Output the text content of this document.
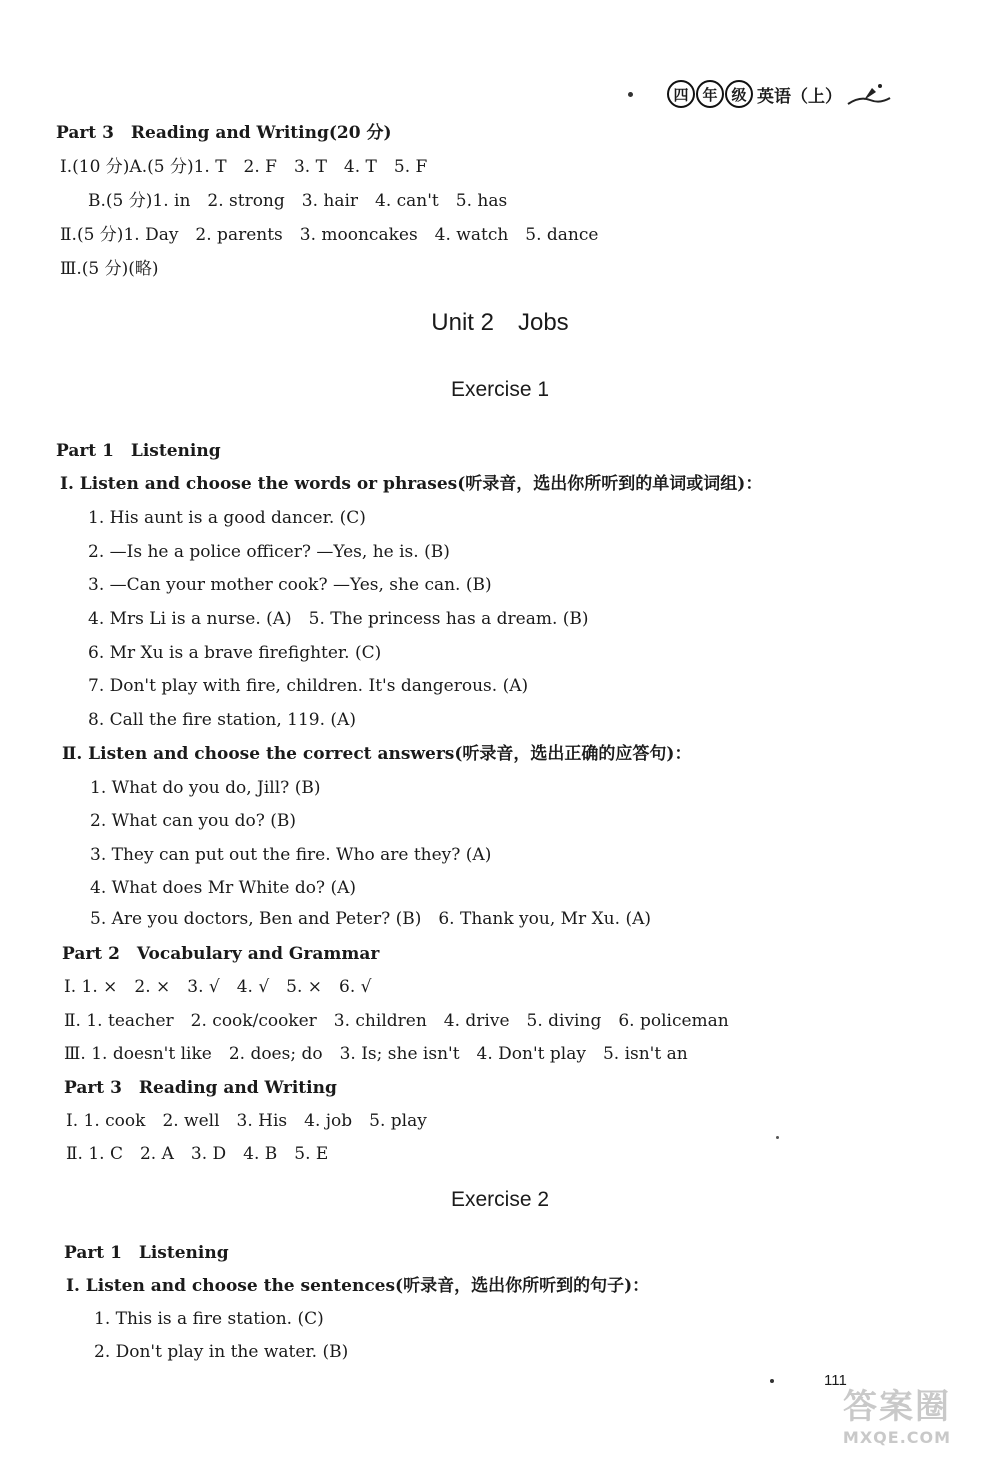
四 年 级 英语（上）
Part 3　Reading and Writing(20 分)
Ⅰ.(10 分)A.(5 分)1. T　2. F　3. T　4. T　5. F
B.(5 分)1. in　2. strong　3. hair　4. can't　5. has
Ⅱ.(5 分)1. Day　2. parents　3. mooncakes　4. watch　5. dance
Ⅲ.(5 分)(略)
Unit 2　Jobs
Exercise 1
Part 1　Listening
Ⅰ. Listen and choose the words or phrases(听录音，选出你所听到的单词或词组)：
1. His aunt is a good dancer. (C)
2. —Is he a police officer? —Yes, he is. (B)
3. —Can your mother cook? —Yes, she can. (B)
4. Mrs Li is a nurse. (A)　5. The princess has a dream. (B)
6. Mr Xu is a brave firefighter. (C)
7. Don't play with fire, children. It's dangerous. (A)
8. Call the fire station, 119. (A)
Ⅱ. Listen and choose the correct answers(听录音，选出正确的应答句)：
1. What do you do, Jill? (B)
2. What can you do? (B)
3. They can put out the fire. Who are they? (A)
4. What does Mr White do? (A)
5. Are you doctors, Ben and Peter? (B)　6. Thank you, Mr Xu. (A)
Part 2　Vocabulary and Grammar
Ⅰ. 1. ×　2. ×　3. √　4. √　5. ×　6. √
Ⅱ. 1. teacher　2. cook/cooker　3. children　4. drive　5. diving　6. policeman
Ⅲ. 1. doesn't like　2. does; do　3. Is; she isn't　4. Don't play　5. isn't an
Part 3　Reading and Writing
Ⅰ. 1. cook　2. well　3. His　4. job　5. play
Ⅱ. 1. C　2. A　3. D　4. B　5. E
Exercise 2
Part 1　Listening
Ⅰ. Listen and choose the sentences(听录音，选出你所听到的句子)：
1. This is a fire station. (C)
2. Don't play in the water. (B)
111
答案圈
MXQE.COM
